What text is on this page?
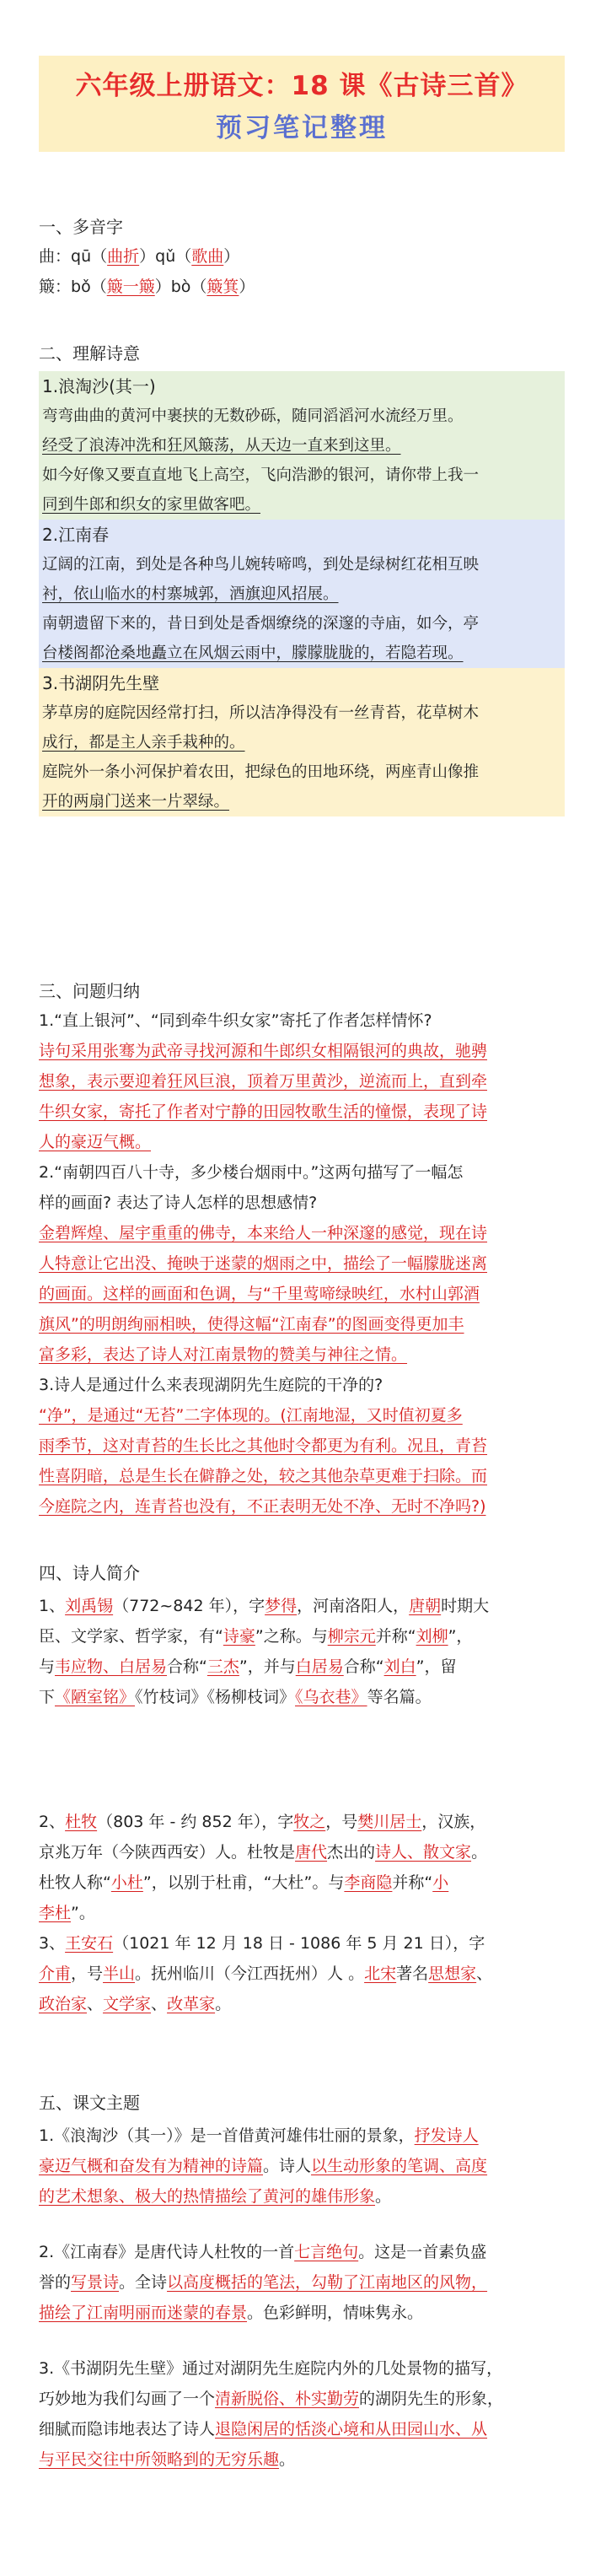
六年级上册语文：18 课《古诗三首》
预习笔记整理
一、多音字
曲：qū（曲折）qǔ（歌曲）
簸：bǒ（簸一簸）bò（簸箕）
二、理解诗意
1.浪淘沙(其一)
弯弯曲曲的黄河中裹挟的无数砂砾，随同滔滔河水流经万里。
经受了浪涛冲洗和狂风簸荡，从天边一直来到这里。
如今好像又要直直地飞上高空，飞向浩渺的银河，请你带上我一
同到牛郎和织女的家里做客吧。
2.江南春
辽阔的江南，到处是各种鸟儿婉转啼鸣，到处是绿树红花相互映
衬，依山临水的村寨城郭，酒旗迎风招展。
南朝遗留下来的，昔日到处是香烟缭绕的深邃的寺庙，如今，亭
台楼阁都沧桑地矗立在风烟云雨中，朦朦胧胧的，若隐若现。
3.书湖阴先生壁
茅草房的庭院因经常打扫，所以洁净得没有一丝青苔，花草树木
成行，都是主人亲手栽种的。
庭院外一条小河保护着农田，把绿色的田地环绕，两座青山像推
开的两扇门送来一片翠绿。
三、问题归纳
1.“直上银河”、“同到牵牛织女家”寄托了作者怎样情怀?
诗句采用张骞为武帝寻找河源和牛郎织女相隔银河的典故，驰骋
想象，表示要迎着狂风巨浪，顶着万里黄沙，逆流而上，直到牵
牛织女家，寄托了作者对宁静的田园牧歌生活的憧憬，表现了诗
人的豪迈气概。
2.“南朝四百八十寺，多少楼台烟雨中。”这两句描写了一幅怎
样的画面? 表达了诗人怎样的思想感情?
金碧辉煌、屋宇重重的佛寺，本来给人一种深邃的感觉，现在诗
人特意让它出没、掩映于迷蒙的烟雨之中，描绘了一幅朦胧迷离
的画面。这样的画面和色调，与“千里莺啼绿映红，水村山郭酒
旗风”的明朗绚丽相映，使得这幅“江南春”的图画变得更加丰
富多彩，表达了诗人对江南景物的赞美与神往之情。
3.诗人是通过什么来表现湖阴先生庭院的干净的?
“净”，是通过“无苔”二字体现的。(江南地湿，又时值初夏多
雨季节，这对青苔的生长比之其他时令都更为有利。况且，青苔
性喜阴暗，总是生长在僻静之处，较之其他杂草更难于扫除。而
今庭院之内，连青苔也没有，不正表明无处不净、无时不净吗?)
四、诗人简介
1、刘禹锡（772~842 年），字梦得，河南洛阳人，唐朝时期大
臣、文学家、哲学家，有“诗豪”之称。与柳宗元并称“刘柳”，
与韦应物、白居易合称“三杰”，并与白居易合称“刘白”，留
下《陋室铭》《竹枝词》《杨柳枝词》《乌衣巷》等名篇。
2、杜牧（803 年 - 约 852 年），字牧之，号樊川居士，汉族，
京兆万年（今陕西西安）人。杜牧是唐代杰出的诗人、散文家。
杜牧人称“小杜”，以别于杜甫，“大杜”。与李商隐并称“小
李杜”。
3、王安石（1021 年 12 月 18 日 - 1086 年 5 月 21 日），字
介甫，号半山。抚州临川（今江西抚州）人 。北宋著名思想家、
政治家、文学家、改革家。
五、课文主题
1.《浪淘沙（其一）》是一首借黄河雄伟壮丽的景象，抒发诗人
豪迈气概和奋发有为精神的诗篇。诗人以生动形象的笔调、高度
的艺术想象、极大的热情描绘了黄河的雄伟形象。
2.《江南春》是唐代诗人杜牧的一首七言绝句。这是一首素负盛
誉的写景诗。全诗以高度概括的笔法，勾勒了江南地区的风物，
描绘了江南明丽而迷蒙的春景。色彩鲜明，情味隽永。
3.《书湖阴先生壁》通过对湖阴先生庭院内外的几处景物的描写，
巧妙地为我们勾画了一个清新脱俗、朴实勤劳的湖阴先生的形象，
细腻而隐讳地表达了诗人退隐闲居的恬淡心境和从田园山水、从
与平民交往中所领略到的无穷乐趣。
